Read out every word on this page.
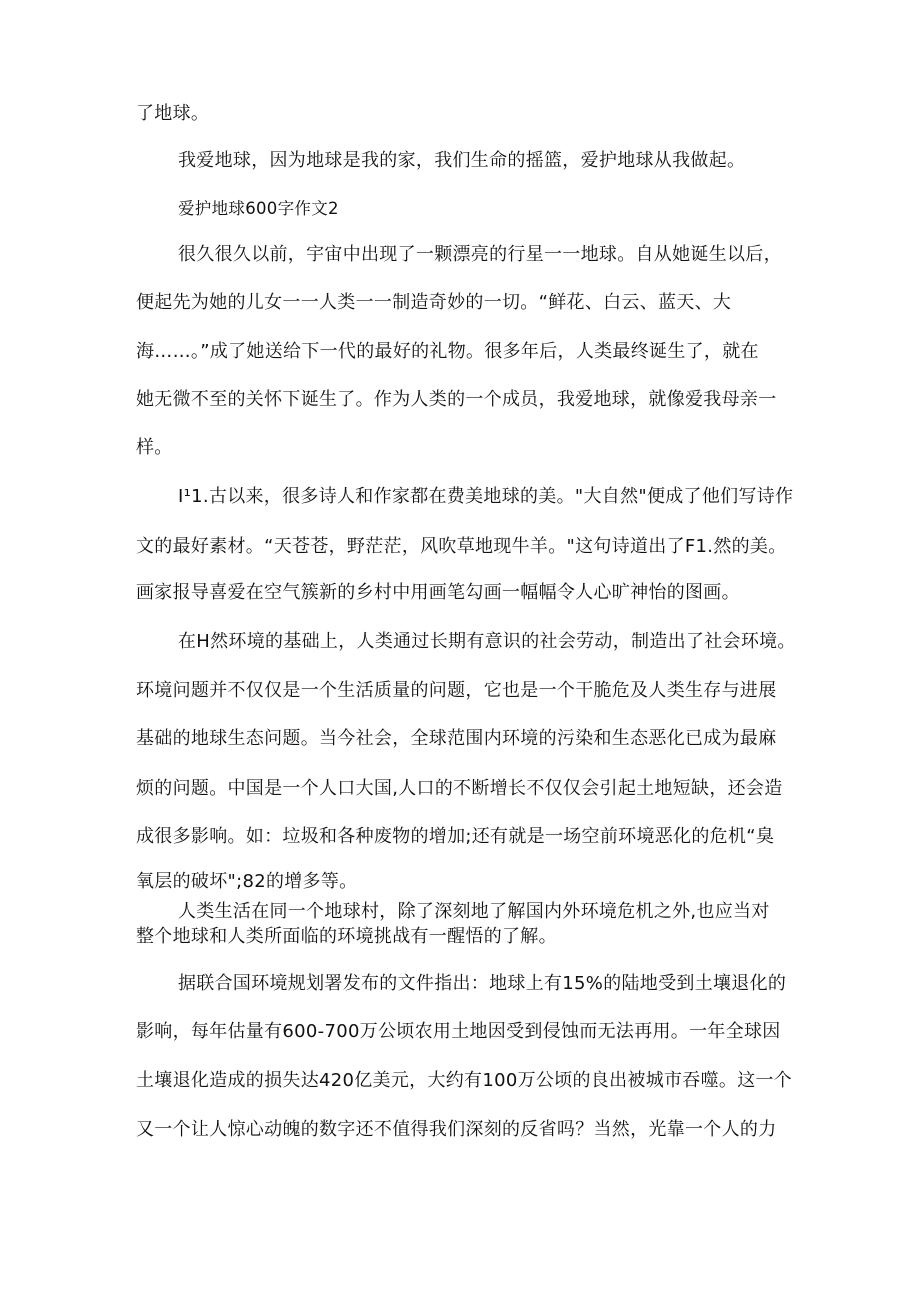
了地球。
我爱地球，因为地球是我的家，我们生命的摇篮，爱护地球从我做起。
爱护地球600字作文2
很久很久以前，宇宙中出现了一颗漂亮的行星一一地球。自从她诞生以后，
便起先为她的儿女一一人类一一制造奇妙的一切。“鲜花、白云、蓝天、大
海……。”成了她送给下一代的最好的礼物。很多年后，人类最终诞生了，就在
她无微不至的关怀下诞生了。作为人类的一个成员，我爱地球，就像爱我母亲一
样。
I¹1.古以来，很多诗人和作家都在费美地球的美。"大自然"便成了他们写诗作
文的最好素材。“天苍苍，野茫茫，风吹草地现牛羊。"这句诗道出了F1.然的美。
画家报导喜爱在空气簇新的乡村中用画笔勾画一幅幅令人心旷神怡的图画。
在H然环境的基础上，人类通过长期有意识的社会劳动，制造出了社会环境。
环境问题并不仅仅是一个生活质量的问题，它也是一个干脆危及人类生存与进展
基础的地球生态问题。当今社会，全球范围内环境的污染和生态恶化已成为最麻
烦的问题。中国是一个人口大国,人口的不断增长不仅仅会引起土地短缺，还会造
成很多影响。如：垃圾和各种废物的增加;还有就是一场空前环境恶化的危机“臭
氧层的破坏";82的增多等。
人类生活在同一个地球村，除了深刻地了解国内外环境危机之外,也应当对
整个地球和人类所面临的环境挑战有一醒悟的了解。
据联合国环境规划署发布的文件指出：地球上有15%的陆地受到土壤退化的
影响，每年估量有600-700万公顷农用土地因受到侵蚀而无法再用。一年全球因
土壤退化造成的损失达420亿美元，大约有100万公顷的良出被城市吞噬。这一个
又一个让人惊心动魄的数字还不值得我们深刻的反省吗？当然，光靠一个人的力
